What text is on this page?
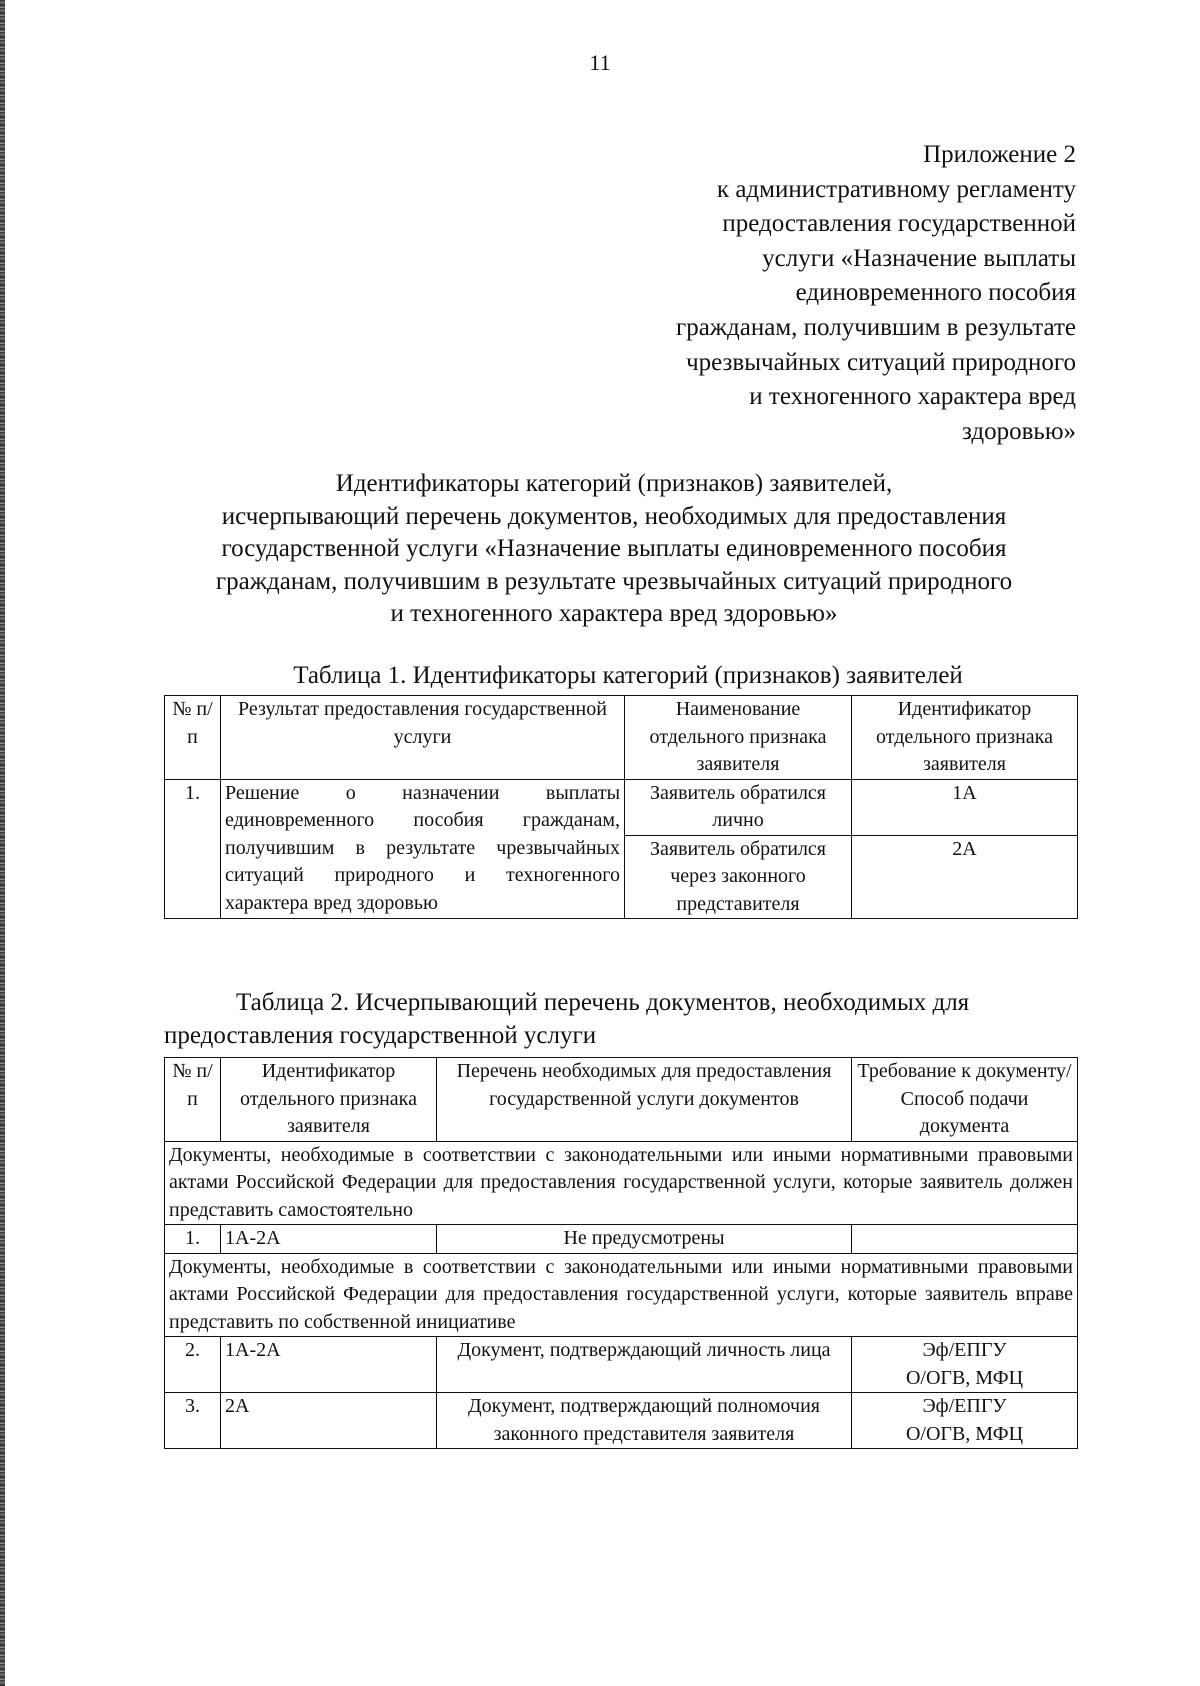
11
Приложение 2
к административному регламенту
предоставления государственной
услуги «Назначение выплаты
единовременного пособия
гражданам, получившим в результате
чрезвычайных ситуаций природного
и техногенного характера вред
здоровью»
Идентификаторы категорий (признаков) заявителей,
исчерпывающий перечень документов, необходимых для предоставления
государственной услуги «Назначение выплаты единовременного пособия
гражданам, получившим в результате чрезвычайных ситуаций природного
и техногенного характера вред здоровью»
Таблица 1. Идентификаторы категорий (признаков) заявителей
№ п/п	Результат предоставления государственной услуги	Наименование отдельного признака заявителя	Идентификатор отдельного признака заявителя
1.	Решение о назначении выплаты единовременного пособия гражданам, получившим в результате чрезвычайных ситуаций природного и техногенного характера вред здоровью	Заявитель обратился лично	1А
		Заявитель обратился через законного представителя	2А
Таблица 2. Исчерпывающий перечень документов, необходимых для
предоставления государственной услуги
№ п/п	Идентификатор отдельного признака заявителя	Перечень необходимых для предоставления государственной услуги документов	Требование к документу/Способ подачи документа
Документы, необходимые в соответствии с законодательными или иными нормативными правовыми актами Российской Федерации для предоставления государственной услуги, которые заявитель должен представить самостоятельно			
1.	1А-2А	Не предусмотрены	
Документы, необходимые в соответствии с законодательными или иными нормативными правовыми актами Российской Федерации для предоставления государственной услуги, которые заявитель вправе представить по собственной инициативе			
2.	1А-2А	Документ, подтверждающий личность лица	Эф/ЕПГУ
О/ОГВ, МФЦ

3.	2А	Документ, подтверждающий полномочия законного представителя заявителя	Эф/ЕПГУ
О/ОГВ, МФЦ
